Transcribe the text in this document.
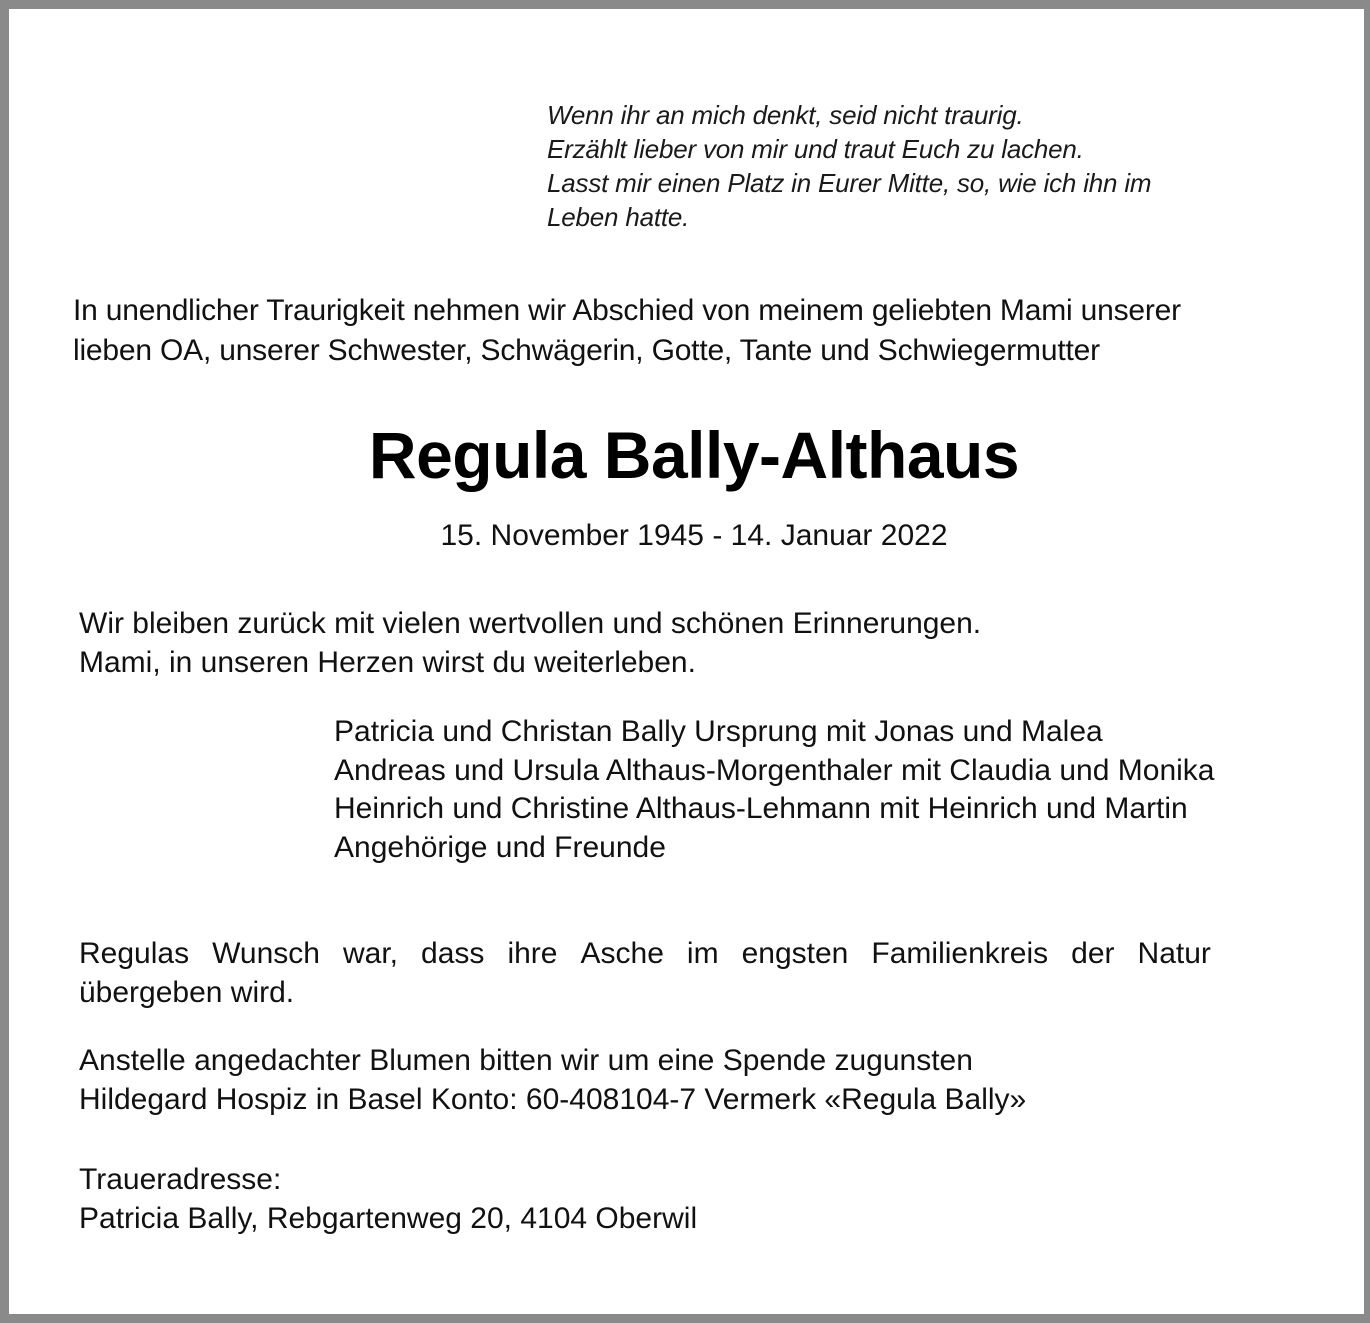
Wenn ihr an mich denkt, seid nicht traurig.
Erzählt lieber von mir und traut Euch zu lachen.
Lasst mir einen Platz in Eurer Mitte, so, wie ich ihn im
Leben hatte.
In unendlicher Traurigkeit nehmen wir Abschied von meinem geliebten Mami unserer
lieben OA, unserer Schwester, Schwägerin, Gotte, Tante und Schwiegermutter
Regula Bally-Althaus
15. November 1945 - 14. Januar 2022
Wir bleiben zurück mit vielen wertvollen und schönen Erinnerungen.
Mami, in unseren Herzen wirst du weiterleben.
Patricia und Christan Bally Ursprung mit Jonas und Malea
Andreas und Ursula Althaus-Morgenthaler mit Claudia und Monika
Heinrich und Christine Althaus-Lehmann mit Heinrich und Martin
Angehörige und Freunde
Regulas Wunsch war, dass ihre Asche im engsten Familienkreis der Natur
übergeben wird.
Anstelle angedachter Blumen bitten wir um eine Spende zugunsten
Hildegard Hospiz in Basel Konto: 60-408104-7 Vermerk «Regula Bally»
Traueradresse:
Patricia Bally, Rebgartenweg 20, 4104 Oberwil
